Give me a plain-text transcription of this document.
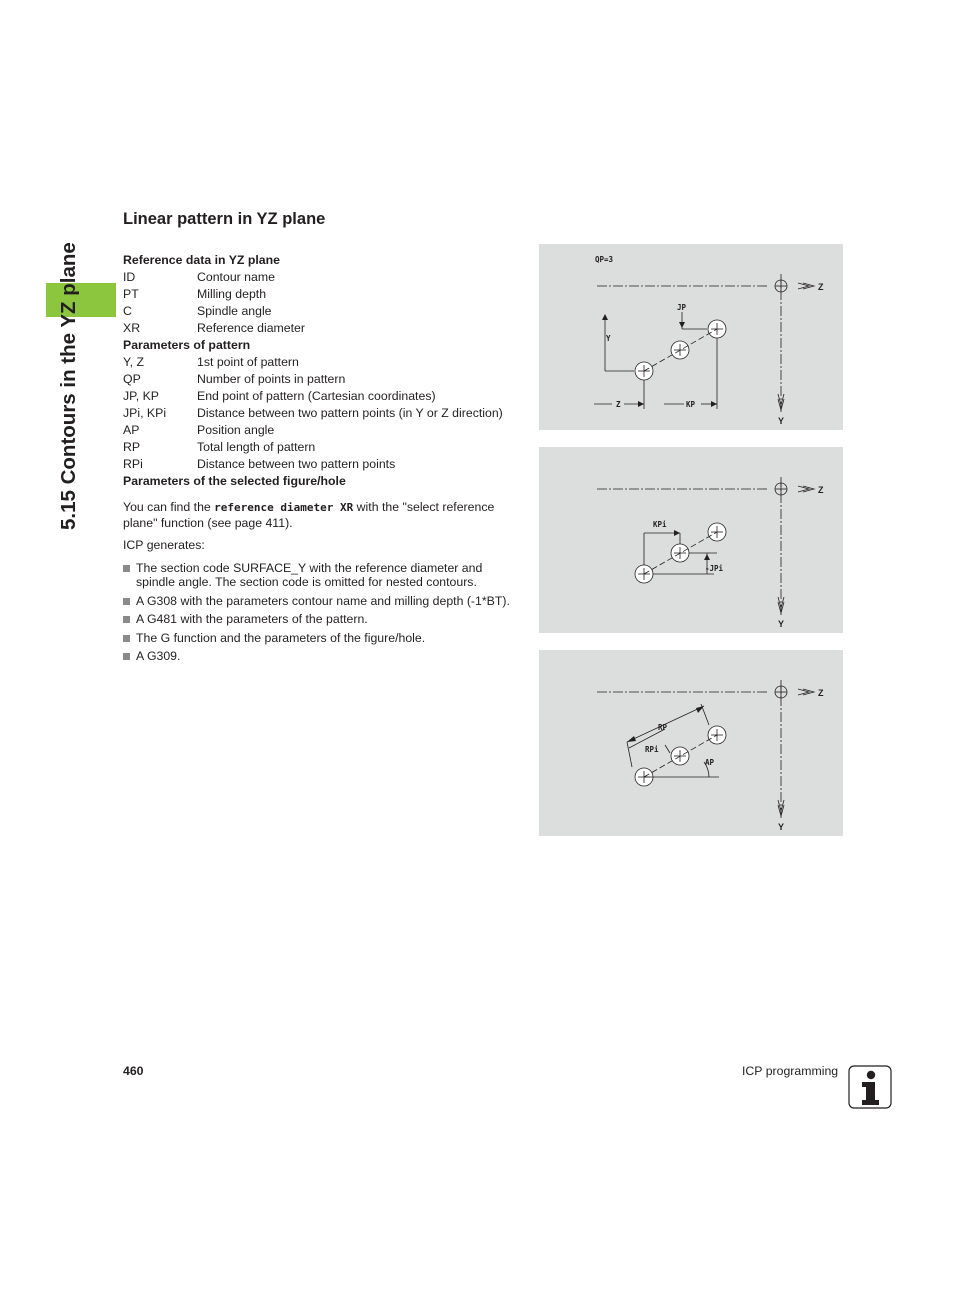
5.15 Contours in the YZ plane
Linear pattern in YZ plane
Reference data in YZ plane
ID	Contour name
PT	Milling depth
C	Spindle angle
XR	Reference diameter
Parameters of pattern
Y, Z	1st point of pattern
QP	Number of points in pattern
JP, KP	End point of pattern (Cartesian coordinates)
JPi, KPi	Distance between two pattern points (in Y or Z direction)
AP	Position angle
RP	Total length of pattern
RPi	Distance between two pattern points
Parameters of the selected figure/hole

You can find the reference diameter XR with the "select reference plane" function (see page 411).

ICP generates:

The section code SURFACE_Y with the reference diameter and spindle angle. The section code is omitted for nested contours.
A G308 with the parameters contour name and milling depth (-1*BT).
A G481 with the parameters of the pattern.
The G function and the parameters of the figure/hole.
A G309.
QP=3
JP
Y
Z	KP
Z
Y
KPi
-JPi
Z
Y
RP
RPi
AP
Z
Y
460	ICP programming
